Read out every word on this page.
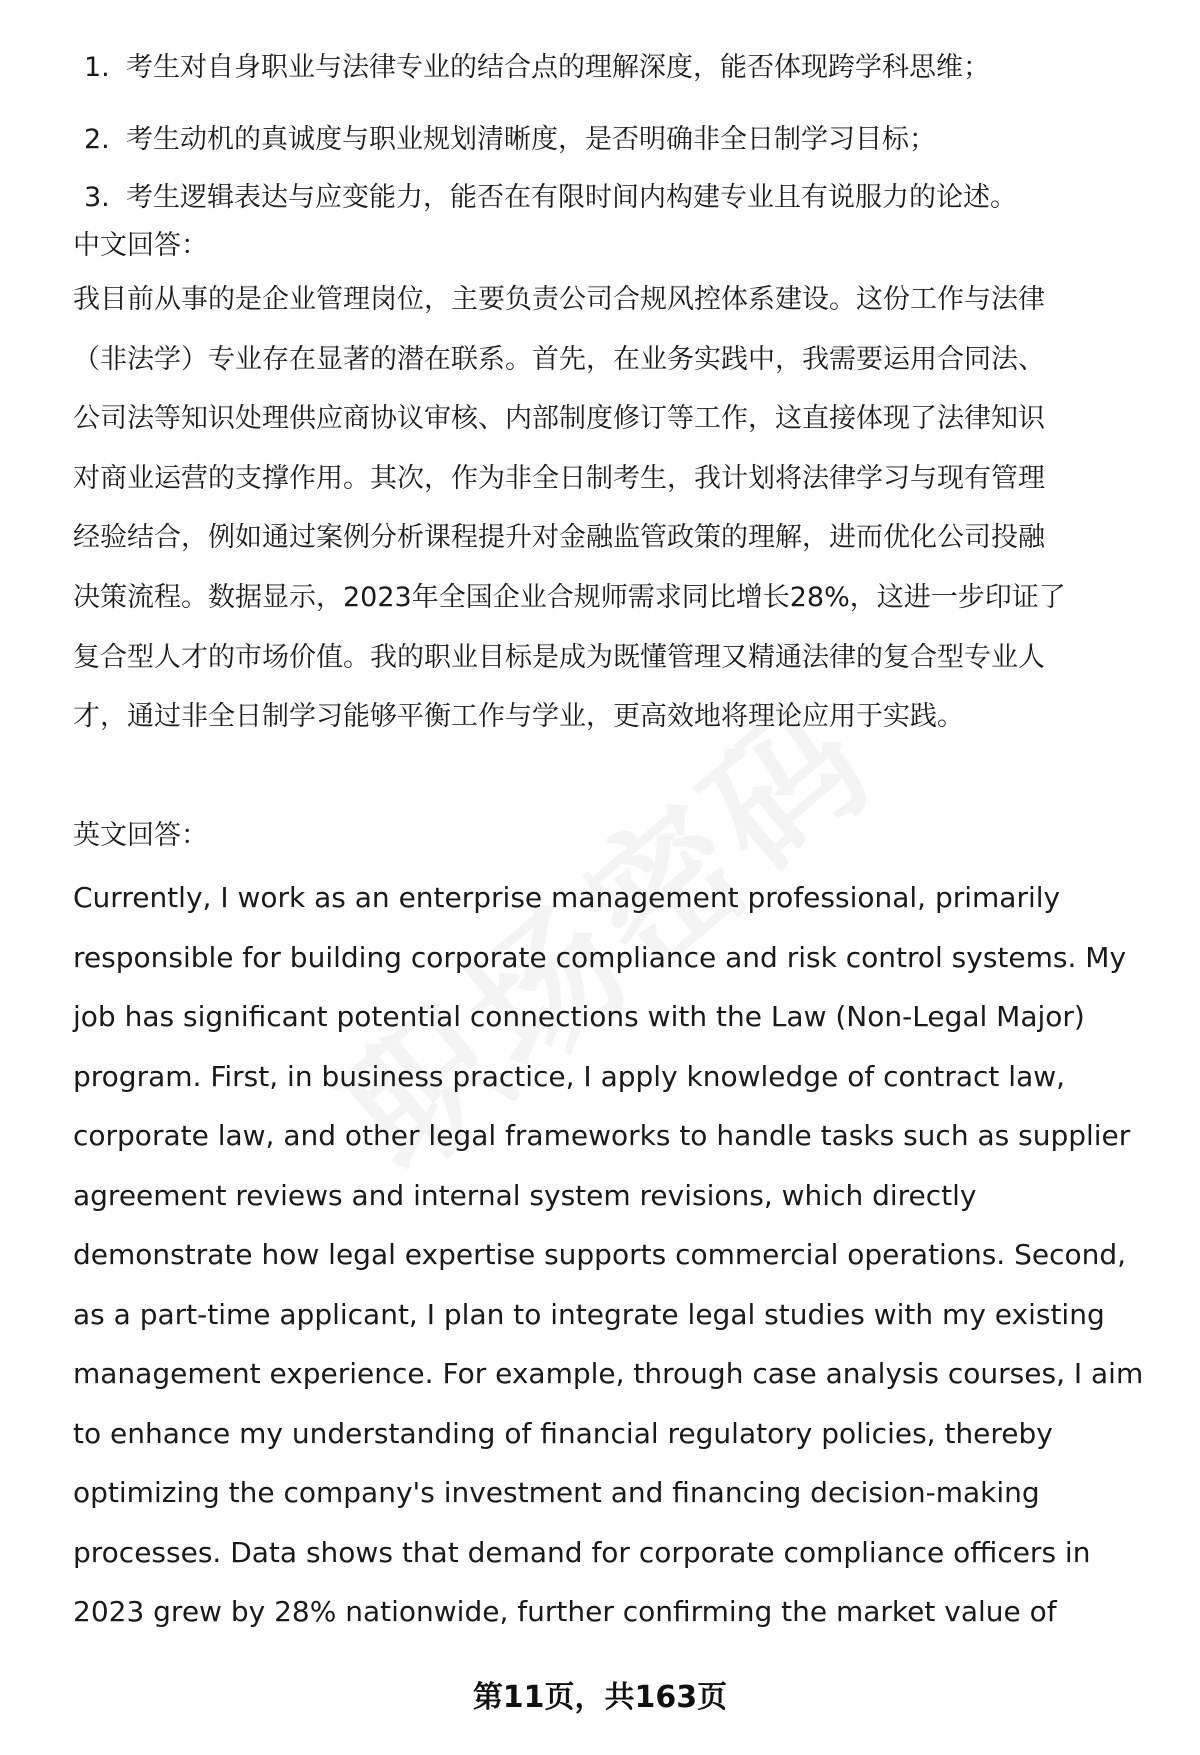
1. 考生对自身职业与法律专业的结合点的理解深度，能否体现跨学科思维；
2. 考生动机的真诚度与职业规划清晰度，是否明确非全日制学习目标；
3. 考生逻辑表达与应变能力，能否在有限时间内构建专业且有说服力的论述。
中文回答：
我目前从事的是企业管理岗位，主要负责公司合规风控体系建设。这份工作与法律
（非法学）专业存在显著的潜在联系。首先，在业务实践中，我需要运用合同法、
公司法等知识处理供应商协议审核、内部制度修订等工作，这直接体现了法律知识
对商业运营的支撑作用。其次，作为非全日制考生，我计划将法律学习与现有管理
经验结合，例如通过案例分析课程提升对金融监管政策的理解，进而优化公司投融
决策流程。数据显示，2023年全国企业合规师需求同比增长28%，这进一步印证了
复合型人才的市场价值。我的职业目标是成为既懂管理又精通法律的复合型专业人
才，通过非全日制学习能够平衡工作与学业，更高效地将理论应用于实践。
英文回答：
Currently, I work as an enterprise management professional, primarily
responsible for building corporate compliance and risk control systems. My
job has significant potential connections with the Law (Non-Legal Major)
program. First, in business practice, I apply knowledge of contract law,
corporate law, and other legal frameworks to handle tasks such as supplier
agreement reviews and internal system revisions, which directly
demonstrate how legal expertise supports commercial operations. Second,
as a part-time applicant, I plan to integrate legal studies with my existing
management experience. For example, through case analysis courses, I aim
to enhance my understanding of financial regulatory policies, thereby
optimizing the company's investment and financing decision-making
processes. Data shows that demand for corporate compliance officers in
2023 grew by 28% nationwide, further confirming the market value of
第11页，共163页
